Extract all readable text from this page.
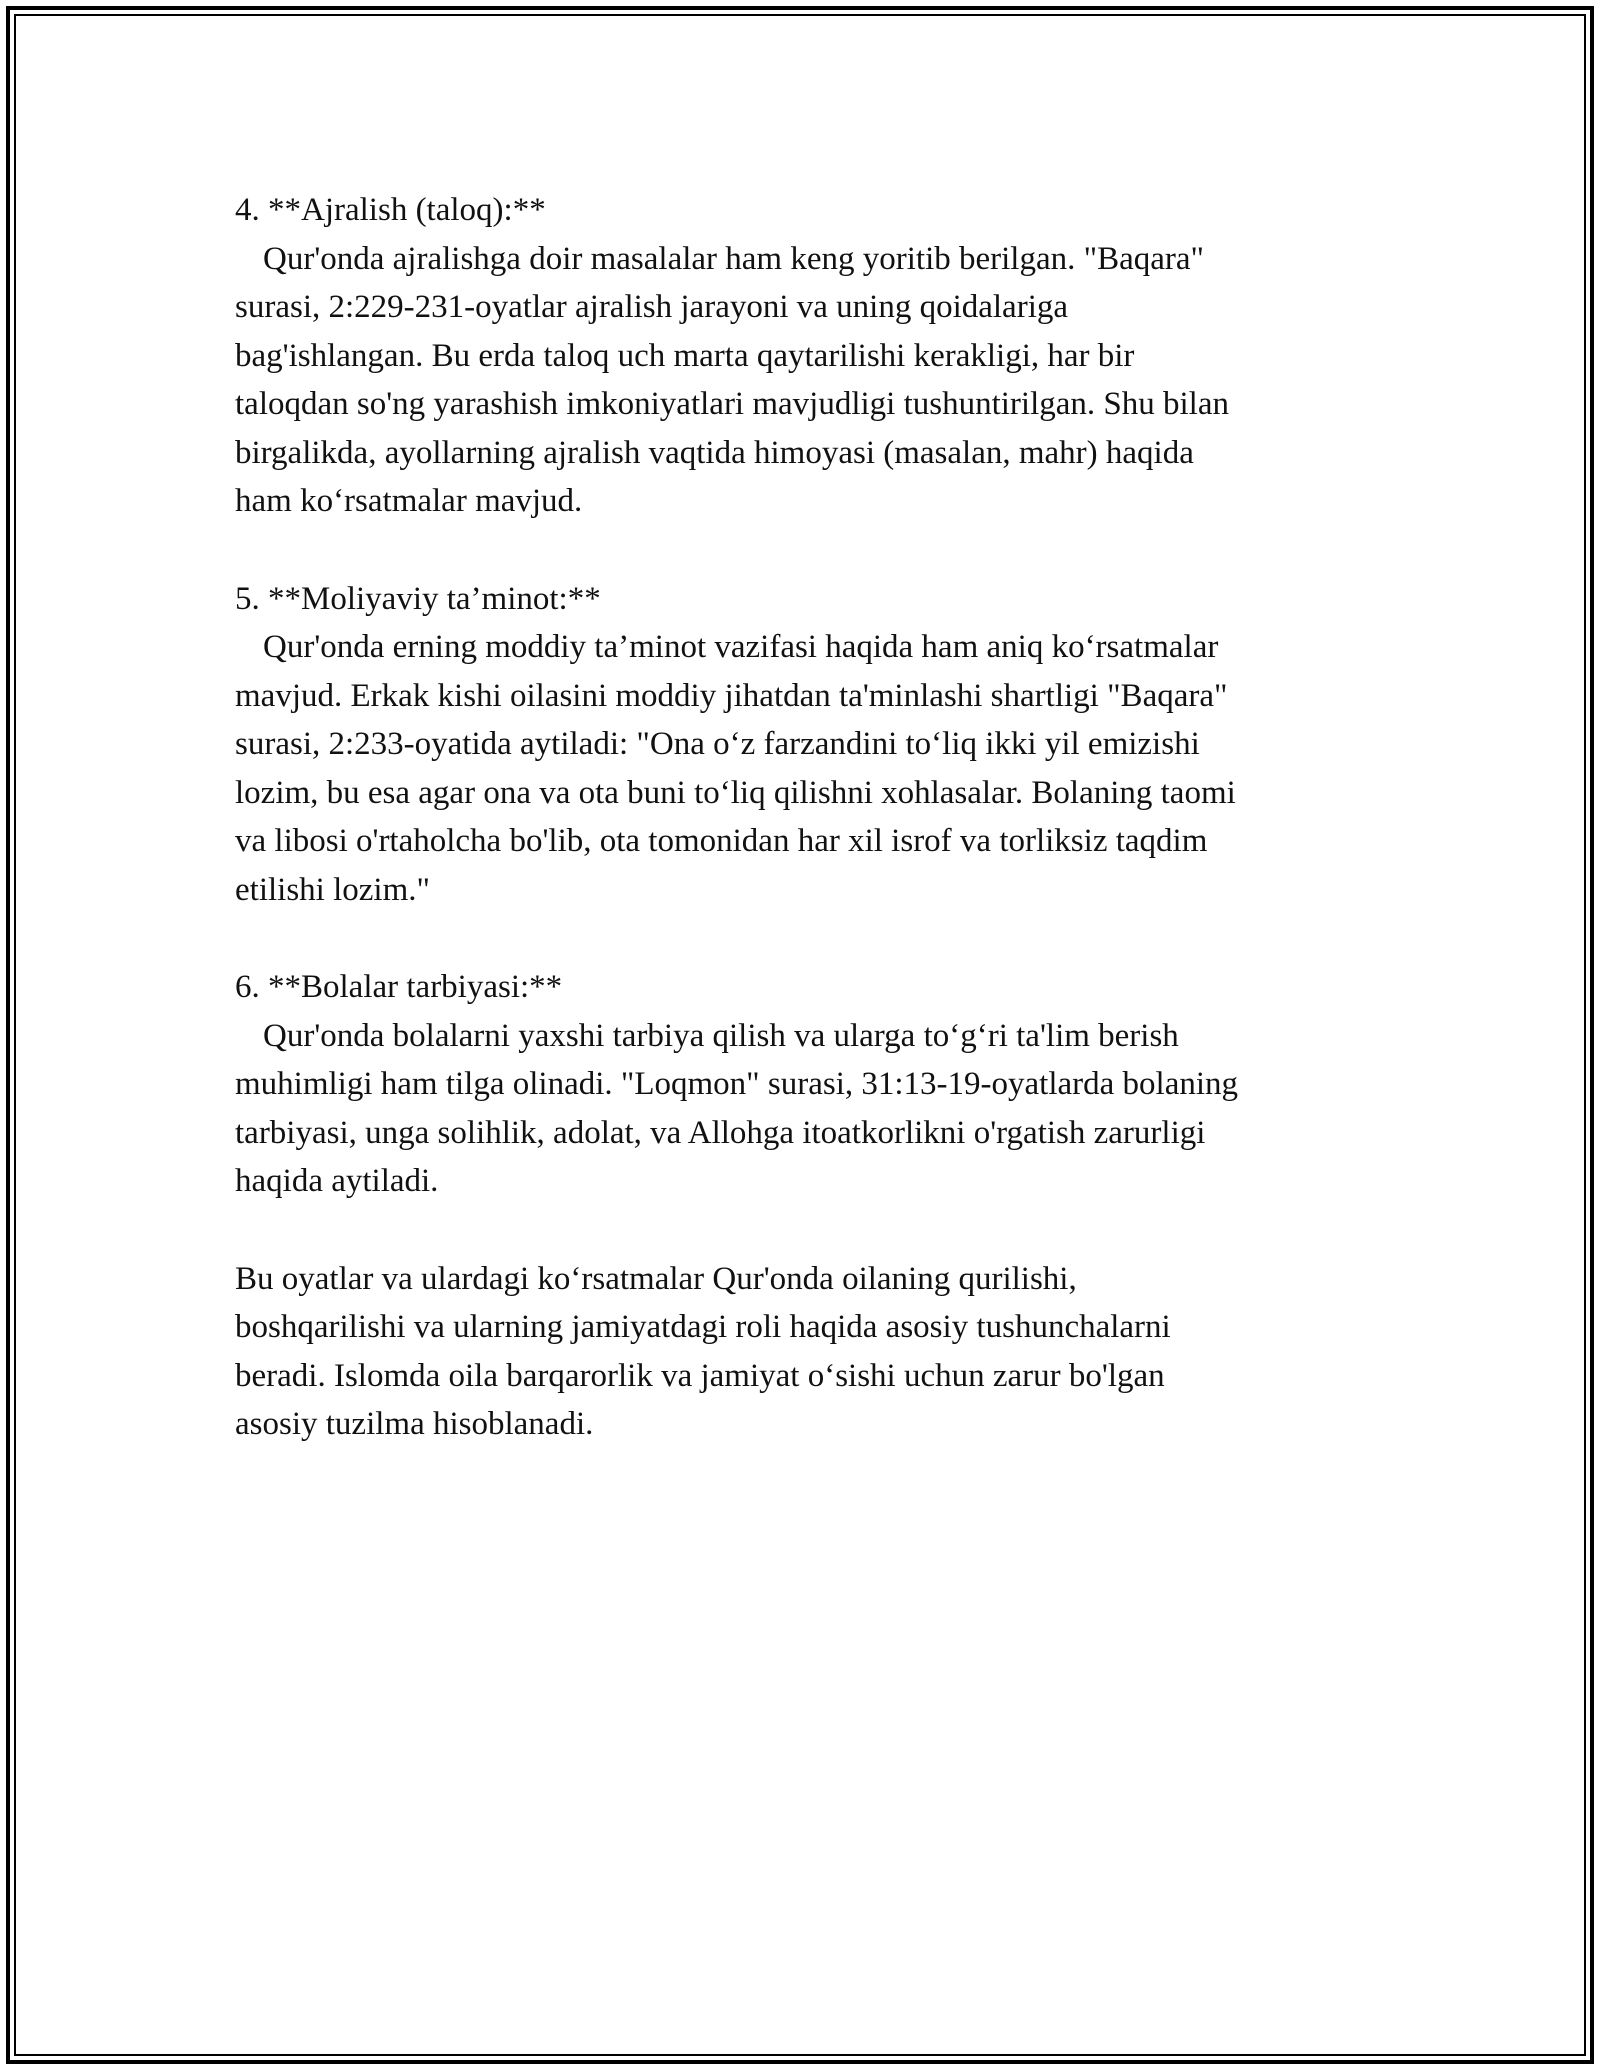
4. **Ajralish (taloq):**

Qur'onda ajralishga doir masalalar ham keng yoritib berilgan. "Baqara"

surasi, 2:229-231-oyatlar ajralish jarayoni va uning qoidalariga

bag'ishlangan. Bu erda taloq uch marta qaytarilishi kerakligi, har bir

taloqdan so'ng yarashish imkoniyatlari mavjudligi tushuntirilgan. Shu bilan

birgalikda, ayollarning ajralish vaqtida himoyasi (masalan, mahr) haqida

ham ko‘rsatmalar mavjud.

5. **Moliyaviy ta’minot:**

Qur'onda erning moddiy ta’minot vazifasi haqida ham aniq ko‘rsatmalar

mavjud. Erkak kishi oilasini moddiy jihatdan ta'minlashi shartligi "Baqara"

surasi, 2:233-oyatida aytiladi: "Ona o‘z farzandini to‘liq ikki yil emizishi

lozim, bu esa agar ona va ota buni to‘liq qilishni xohlasalar. Bolaning taomi

va libosi o'rtaholcha bo'lib, ota tomonidan har xil isrof va torliksiz taqdim

etilishi lozim."

6. **Bolalar tarbiyasi:**

Qur'onda bolalarni yaxshi tarbiya qilish va ularga to‘g‘ri ta'lim berish

muhimligi ham tilga olinadi. "Loqmon" surasi, 31:13-19-oyatlarda bolaning

tarbiyasi, unga solihlik, adolat, va Allohga itoatkorlikni o'rgatish zarurligi

haqida aytiladi.

Bu oyatlar va ulardagi ko‘rsatmalar Qur'onda oilaning qurilishi,

boshqarilishi va ularning jamiyatdagi roli haqida asosiy tushunchalarni

beradi. Islomda oila barqarorlik va jamiyat o‘sishi uchun zarur bo'lgan

asosiy tuzilma hisoblanadi.
